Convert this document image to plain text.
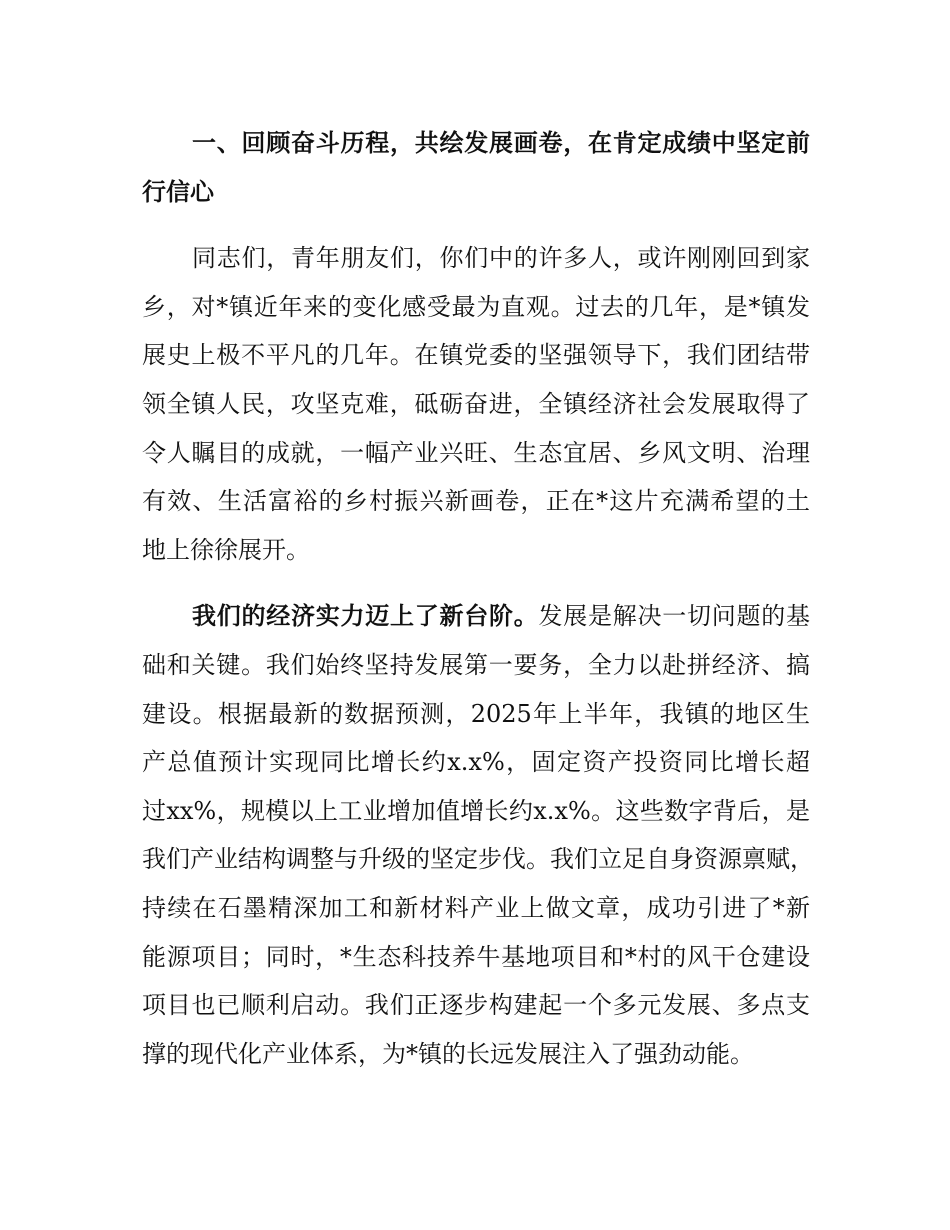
一、回顾奋斗历程，共绘发展画卷，在肯定成绩中坚定前
行信心
同志们，青年朋友们，你们中的许多人，或许刚刚回到家
乡，对*镇近年来的变化感受最为直观。过去的几年，是*镇发
展史上极不平凡的几年。在镇党委的坚强领导下，我们团结带
领全镇人民，攻坚克难，砥砺奋进，全镇经济社会发展取得了
令人瞩目的成就，一幅产业兴旺、生态宜居、乡风文明、治理
有效、生活富裕的乡村振兴新画卷，正在*这片充满希望的土
地上徐徐展开。
我们的经济实力迈上了新台阶。发展是解决一切问题的基
础和关键。我们始终坚持发展第一要务，全力以赴拼经济、搞
建设。根据最新的数据预测，2025年上半年，我镇的地区生
产总值预计实现同比增长约x.x%，固定资产投资同比增长超
过xx%，规模以上工业增加值增长约x.x%。这些数字背后，是
我们产业结构调整与升级的坚定步伐。我们立足自身资源禀赋，
持续在石墨精深加工和新材料产业上做文章，成功引进了*新
能源项目；同时，*生态科技养牛基地项目和*村的风干仓建设
项目也已顺利启动。我们正逐步构建起一个多元发展、多点支
撑的现代化产业体系，为*镇的长远发展注入了强劲动能。
